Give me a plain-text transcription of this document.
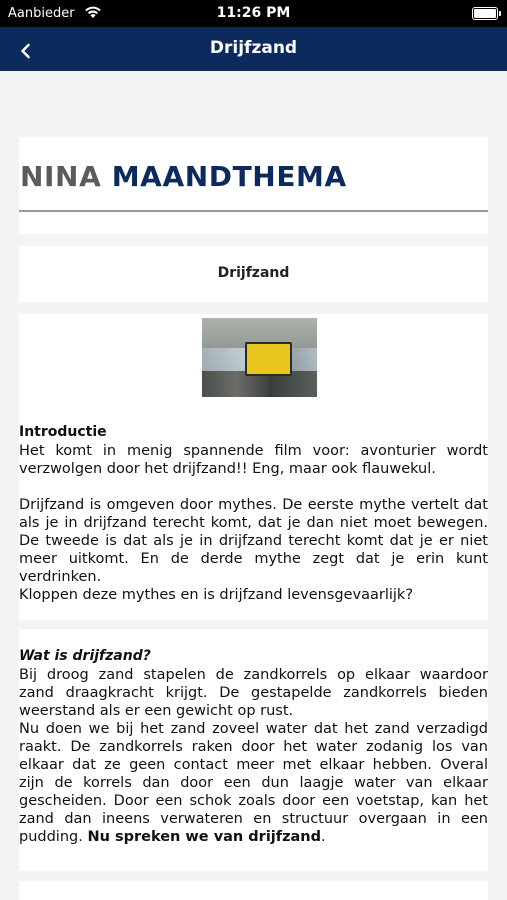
Aanbieder	11:26 PM
Drijfzand
NINA MAANDTHEMA
Drijfzand
Introductie
Het komt in menig spannende film voor: avonturier wordt
verzwolgen door het drijfzand!! Eng, maar ook flauwekul.
Drijfzand is omgeven door mythes. De eerste mythe vertelt dat
als je in drijfzand terecht komt, dat je dan niet moet bewegen.
De tweede is dat als je in drijfzand terecht komt dat je er niet
meer uitkomt. En de derde mythe zegt dat je erin kunt
verdrinken.
Kloppen deze mythes en is drijfzand levensgevaarlijk?
Wat is drijfzand?
Bij droog zand stapelen de zandkorrels op elkaar waardoor
zand draagkracht krijgt. De gestapelde zandkorrels bieden
weerstand als er een gewicht op rust.
Nu doen we bij het zand zoveel water dat het zand verzadigd
raakt. De zandkorrels raken door het water zodanig los van
elkaar dat ze geen contact meer met elkaar hebben. Overal
zijn de korrels dan door een dun laagje water van elkaar
gescheiden. Door een schok zoals door een voetstap, kan het
zand dan ineens verwateren en structuur overgaan in een
pudding. Nu spreken we van drijfzand.
